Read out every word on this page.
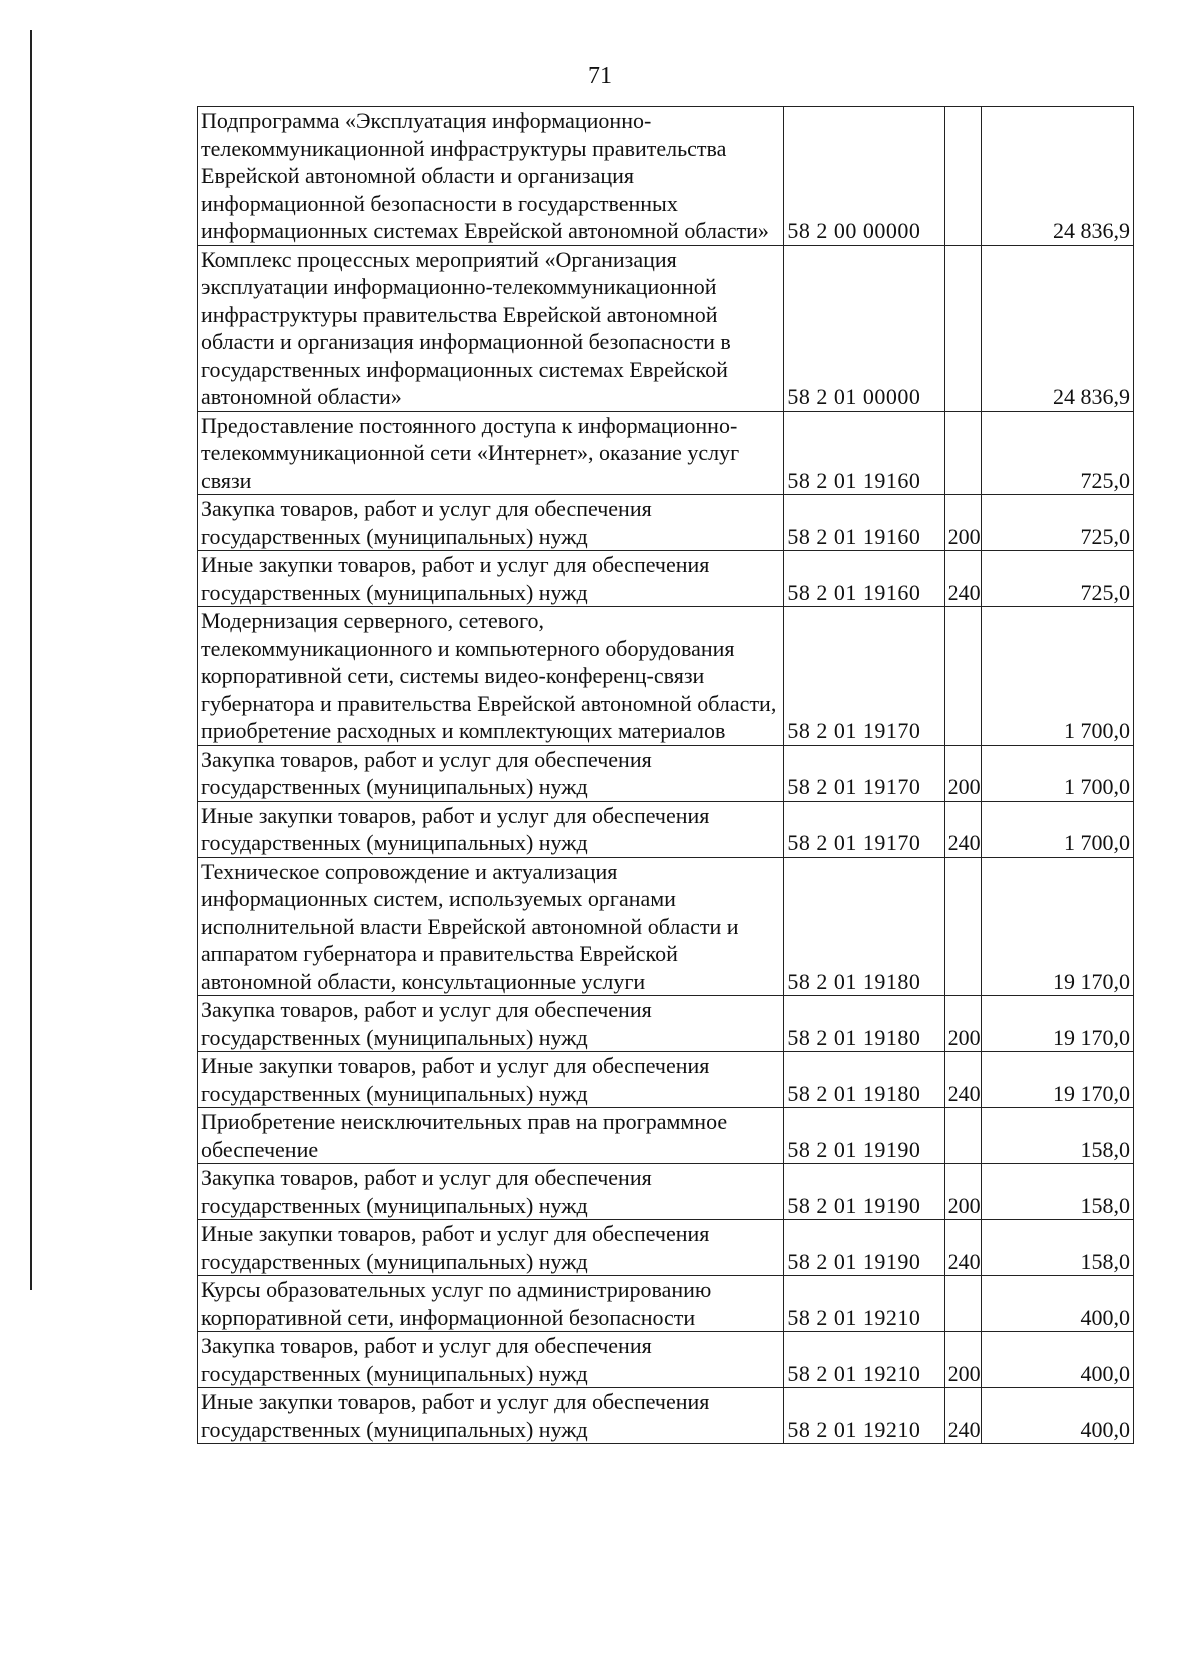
71
Подпрограмма «Эксплуатация информационно-телекоммуникационной инфраструктуры правительства Еврейской автономной области и организация информационной безопасности в государственных информационных системах Еврейской автономной области»	58 2 00 00000		24 836,9
Комплекс процессных мероприятий «Организация эксплуатации информационно-телекоммуникационной инфраструктуры правительства Еврейской автономной области и организация информационной безопасности в государственных информационных системах Еврейской автономной области»	58 2 01 00000		24 836,9
Предоставление постоянного доступа к информационно-телекоммуникационной сети «Интернет», оказание услуг связи	58 2 01 19160		725,0
Закупка товаров, работ и услуг для обеспечения государственных (муниципальных) нужд	58 2 01 19160	200	725,0
Иные закупки товаров, работ и услуг для обеспечения государственных (муниципальных) нужд	58 2 01 19160	240	725,0
Модернизация серверного, сетевого, телекоммуникационного и компьютерного оборудования корпоративной сети, системы видео-конференц-связи губернатора и правительства Еврейской автономной области, приобретение расходных и комплектующих материалов	58 2 01 19170		1 700,0
Закупка товаров, работ и услуг для обеспечения государственных (муниципальных) нужд	58 2 01 19170	200	1 700,0
Иные закупки товаров, работ и услуг для обеспечения государственных (муниципальных) нужд	58 2 01 19170	240	1 700,0
Техническое сопровождение и актуализация информационных систем, используемых органами исполнительной власти Еврейской автономной области и аппаратом губернатора и правительства Еврейской автономной области, консультационные услуги	58 2 01 19180		19 170,0
Закупка товаров, работ и услуг для обеспечения государственных (муниципальных) нужд	58 2 01 19180	200	19 170,0
Иные закупки товаров, работ и услуг для обеспечения государственных (муниципальных) нужд	58 2 01 19180	240	19 170,0
Приобретение неисключительных прав на программное обеспечение	58 2 01 19190		158,0
Закупка товаров, работ и услуг для обеспечения государственных (муниципальных) нужд	58 2 01 19190	200	158,0
Иные закупки товаров, работ и услуг для обеспечения государственных (муниципальных) нужд	58 2 01 19190	240	158,0
Курсы образовательных услуг по администрированию корпоративной сети, информационной безопасности	58 2 01 19210		400,0
Закупка товаров, работ и услуг для обеспечения государственных (муниципальных) нужд	58 2 01 19210	200	400,0
Иные закупки товаров, работ и услуг для обеспечения государственных (муниципальных) нужд	58 2 01 19210	240	400,0
